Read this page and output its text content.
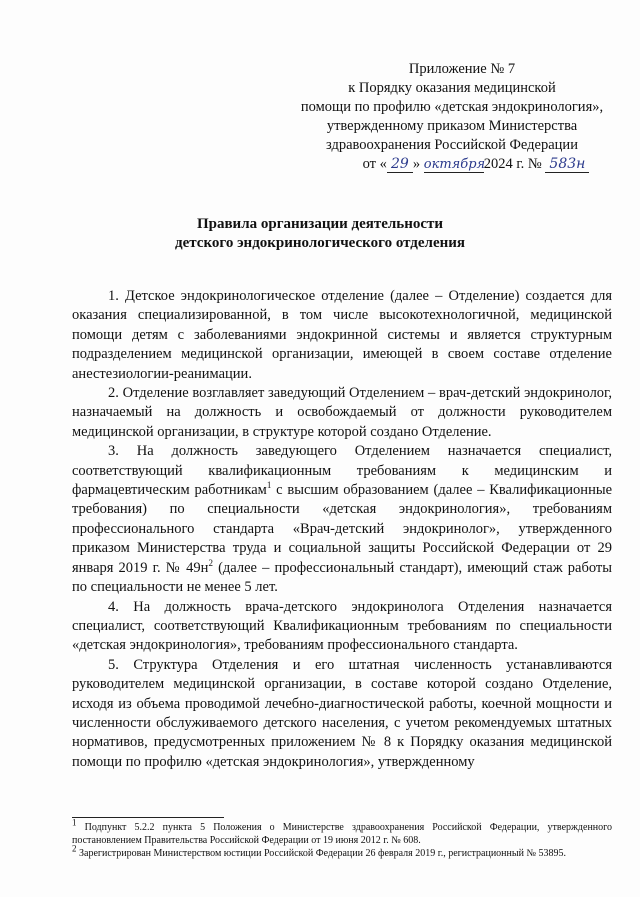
Приложение № 7
к Порядку оказания медицинской
помощи по профилю «детская эндокринология»,
утвержденному приказом Министерства
здравоохранения Российской Федерации
от « 29 » октября2024 г. № 583н
Правила организации деятельности
детского эндокринологического отделения

1. Детское эндокринологическое отделение (далее – Отделение) создается для оказания специализированной, в том числе высокотехнологичной, медицинской помощи детям с заболеваниями эндокринной системы и является структурным подразделением медицинской организации, имеющей в своем составе отделение анестезиологии-реанимации.

2. Отделение возглавляет заведующий Отделением – врач-детский эндокринолог, назначаемый на должность и освобождаемый от должности руководителем медицинской организации, в структуре которой создано Отделение.

3. На должность заведующего Отделением назначается специалист, соответствующий квалификационным требованиям к медицинским и фармацевтическим работникам$^1$ с высшим образованием (далее – Квалификационные требования) по специальности «детская эндокринология», требованиям профессионального стандарта «Врач-детский эндокринолог», утвержденного приказом Министерства труда и социальной защиты Российской Федерации от 29 января 2019 г. № $49н^2$ (далее – профессиональный стандарт), имеющий стаж работы по специальности не менее 5 лет.

4. На должность врача-детского эндокринолога Отделения назначается специалист, соответствующий Квалификационным требованиям по специальности «детская эндокринология», требованиям профессионального стандарта.

5. Структура Отделения и его штатная численность устанавливаются руководителем медицинской организации, в составе которой создано Отделение, исходя из объема проводимой лечебно-диагностической работы, коечной мощности и численности обслуживаемого детского населения, с учетом рекомендуемых штатных нормативов, предусмотренных приложением № 8 к Порядку оказания медицинской помощи по профилю «детская эндокринология», утвержденному

$^1$ Подпункт 5.2.2 пункта 5 Положения о Министерстве здравоохранения Российской Федерации, утвержденного постановлением Правительства Российской Федерации от 19 июня 2012 г. № 608.

$^2$ Зарегистрирован Министерством юстиции Российской Федерации 26 февраля 2019 г., регистрационный № 53895.
